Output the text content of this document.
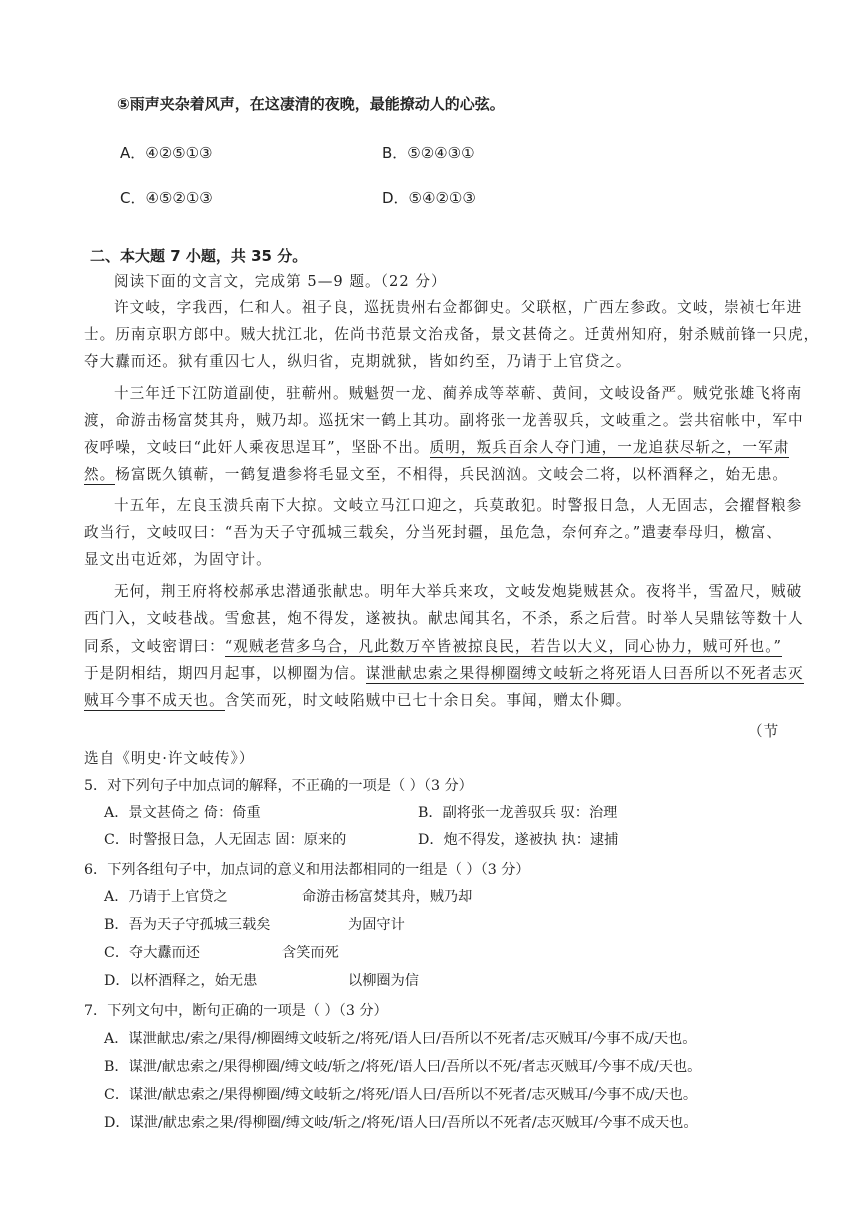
⑤雨声夹杂着风声，在这凄清的夜晚，最能撩动人的心弦。
A．④②⑤①③	B．⑤②④③①
C．④⑤②①③	D．⑤④②①③
二、本大题 7 小题，共 35 分。
阅读下面的文言文，完成第 5—9 题。（22 分）
许文岐，字我西，仁和人。祖子良，巡抚贵州右佥都御史。父联枢，广西左参政。文岐，崇祯七年进
士。历南京职方郎中。贼大扰江北，佐尚书范景文治戎备，景文甚倚之。迁黄州知府，射杀贼前锋一只虎，
夺大纛而还。狱有重囚七人，纵归省，克期就狱，皆如约至，乃请于上官贷之。
十三年迁下江防道副使，驻蕲州。贼魁贺一龙、蔺养成等萃蕲、黄间，文岐设备严。贼党张雄飞将南
渡，命游击杨富焚其舟，贼乃却。巡抚宋一鹤上其功。副将张一龙善驭兵，文岐重之。尝共宿帐中，军中
夜呼噪，文岐曰“此奸人乘夜思逞耳”，坚卧不出。质明，叛兵百余人夺门逋，一龙追获尽斩之，一军肃
然。杨富既久镇蕲，一鹤复遣参将毛显文至，不相得，兵民汹汹。文岐会二将，以杯酒释之，始无患。
十五年，左良玉溃兵南下大掠。文岐立马江口迎之，兵莫敢犯。时警报日急，人无固志，会擢督粮参
政当行，文岐叹曰：“吾为天子守孤城三载矣，分当死封疆，虽危急，奈何弃之。”遣妻奉母归，檄富、
显文出屯近郊，为固守计。
无何，荆王府将校郝承忠潜通张献忠。明年大举兵来攻，文岐发炮毙贼甚众。夜将半，雪盈尺，贼破
西门入，文岐巷战。雪愈甚，炮不得发，遂被执。献忠闻其名，不杀，系之后营。时举人吴鼎铉等数十人
同系，文岐密谓曰：“观贼老营多乌合，凡此数万卒皆被掠良民，若告以大义，同心协力，贼可歼也。”
于是阴相结，期四月起事，以柳圈为信。谋泄献忠索之果得柳圈缚文岐斩之将死语人曰吾所以不死者志灭
贼耳今事不成天也。含笑而死，时文岐陷贼中已七十余日矣。事闻，赠太仆卿。
（节
选自《明史·许文岐传》）
5．对下列句子中加点词的解释，不正确的一项是（ ）（3 分）
A．景文甚倚之 倚：倚重	B．副将张一龙善驭兵 驭：治理
C．时警报日急，人无固志 固：原来的	D．炮不得发，遂被执 执：逮捕
6．下列各组句子中，加点词的意义和用法都相同的一组是（ ）（3 分）
A．乃请于上官贷之	命游击杨富焚其舟，贼乃却
B．吾为天子守孤城三载矣	为固守计
C．夺大纛而还	含笑而死
D．以杯酒释之，始无患	以柳圈为信
7．下列文句中，断句正确的一项是（ ）（3 分）
A．谋泄献忠/索之/果得/柳圈缚文岐斩之/将死/语人曰/吾所以不死者/志灭贼耳/今事不成/天也。
B．谋泄/献忠索之/果得柳圈/缚文岐/斩之/将死/语人曰/吾所以不死/者志灭贼耳/今事不成/天也。
C．谋泄/献忠索之/果得柳圈/缚文岐斩之/将死/语人曰/吾所以不死者/志灭贼耳/今事不成/天也。
D．谋泄/献忠索之果/得柳圈/缚文岐/斩之/将死/语人曰/吾所以不死者/志灭贼耳/今事不成天也。
